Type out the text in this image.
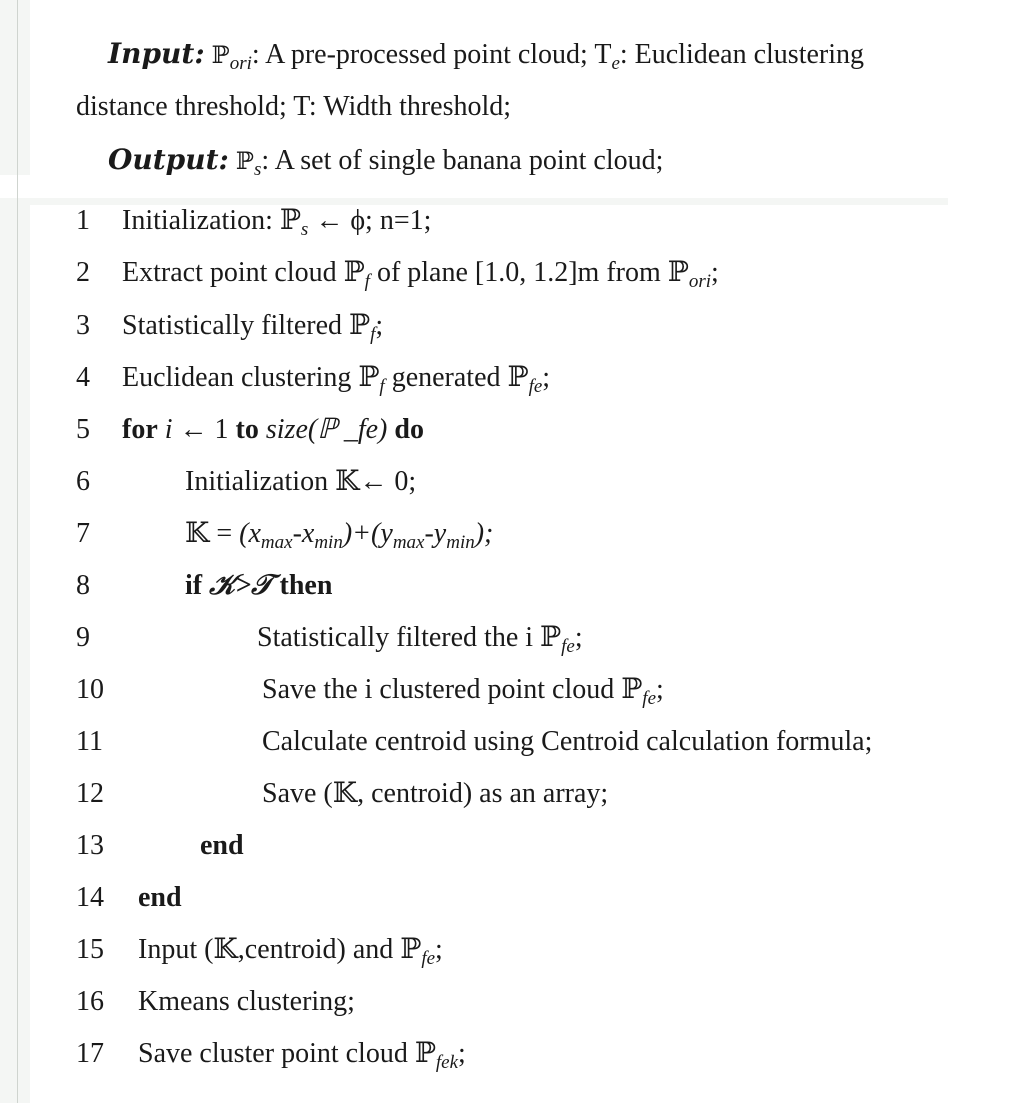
Input: ℙ$_{ori}$: A pre-processed point cloud; $T_e$: Euclidean clustering
distance threshold; T: Width threshold;
Output: ℙ$_s$: A set of single banana point cloud;
1	Initialization: ℙ$_s$ ← ϕ; n=1;
2	Extract point cloud ℙ$_f$ of plane [1.0, 1.2]m from ℙ$_{ori}$;
3	Statistically filtered ℙ$_f$;
4	Euclidean clustering ℙ$_f$ generated ℙ$_{fe}$;
5	for i ← 1 to size(ℙ _fe) do
6	Initialization 𝕂← 0;
7	𝕂 = $(x_{max}-x_{min})+(y_{max}-y_{min})$;
8	if 𝒦>𝒯 then
9	Statistically filtered the i ℙ$_{fe}$;
10	Save the i clustered point cloud ℙ$_{fe}$;
11	Calculate centroid using Centroid calculation formula;
12	Save (𝕂, centroid) as an array;
13	end
14	end
15	Input (𝕂,centroid) and ℙ$_{fe}$;
16	Kmeans clustering;
17	Save cluster point cloud ℙ$_{fek}$;
